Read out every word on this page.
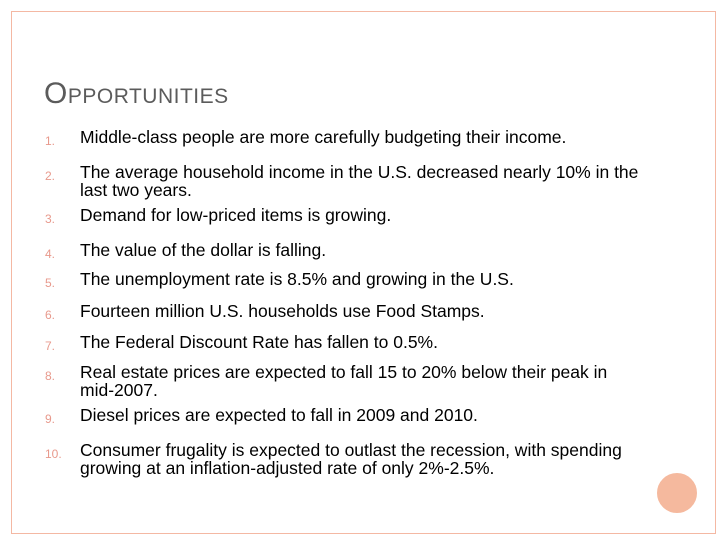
OPPORTUNITIES
1. Middle-class people are more carefully budgeting their income.
2. The average household income in the U.S. decreased nearly 10% in the last two years.
3. Demand for low-priced items is growing.
4. The value of the dollar is falling.
5. The unemployment rate is 8.5% and growing in the U.S.
6. Fourteen million U.S. households use Food Stamps.
7. The Federal Discount Rate has fallen to 0.5%.
8. Real estate prices are expected to fall 15 to 20% below their peak in mid-2007.
9. Diesel prices are expected to fall in 2009 and 2010.
10. Consumer frugality is expected to outlast the recession, with spending growing at an inflation-adjusted rate of only 2%-2.5%.
